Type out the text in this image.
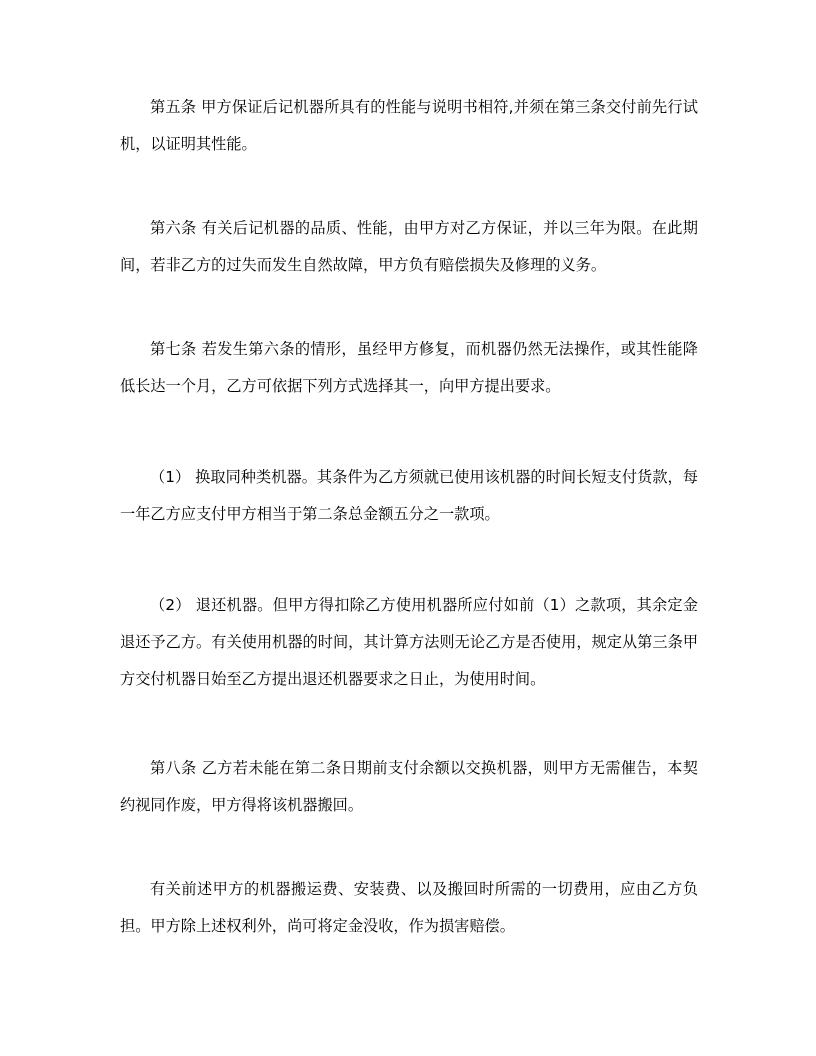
第五条 甲方保证后记机器所具有的性能与说明书相符,并须在第三条交付前先行试机，以证明其性能。

第六条 有关后记机器的品质、性能，由甲方对乙方保证，并以三年为限。在此期间，若非乙方的过失而发生自然故障，甲方负有赔偿损失及修理的义务。

第七条 若发生第六条的情形，虽经甲方修复，而机器仍然无法操作，或其性能降低长达一个月，乙方可依据下列方式选择其一，向甲方提出要求。

（1） 换取同种类机器。其条件为乙方须就已使用该机器的时间长短支付货款，每一年乙方应支付甲方相当于第二条总金额五分之一款项。

（2） 退还机器。但甲方得扣除乙方使用机器所应付如前（1）之款项，其余定金退还予乙方。有关使用机器的时间，其计算方法则无论乙方是否使用，规定从第三条甲方交付机器日始至乙方提出退还机器要求之日止，为使用时间。

第八条 乙方若未能在第二条日期前支付余额以交换机器，则甲方无需催告，本契约视同作废，甲方得将该机器搬回。

有关前述甲方的机器搬运费、安装费、以及搬回时所需的一切费用，应由乙方负担。甲方除上述权利外，尚可将定金没收，作为损害赔偿。
